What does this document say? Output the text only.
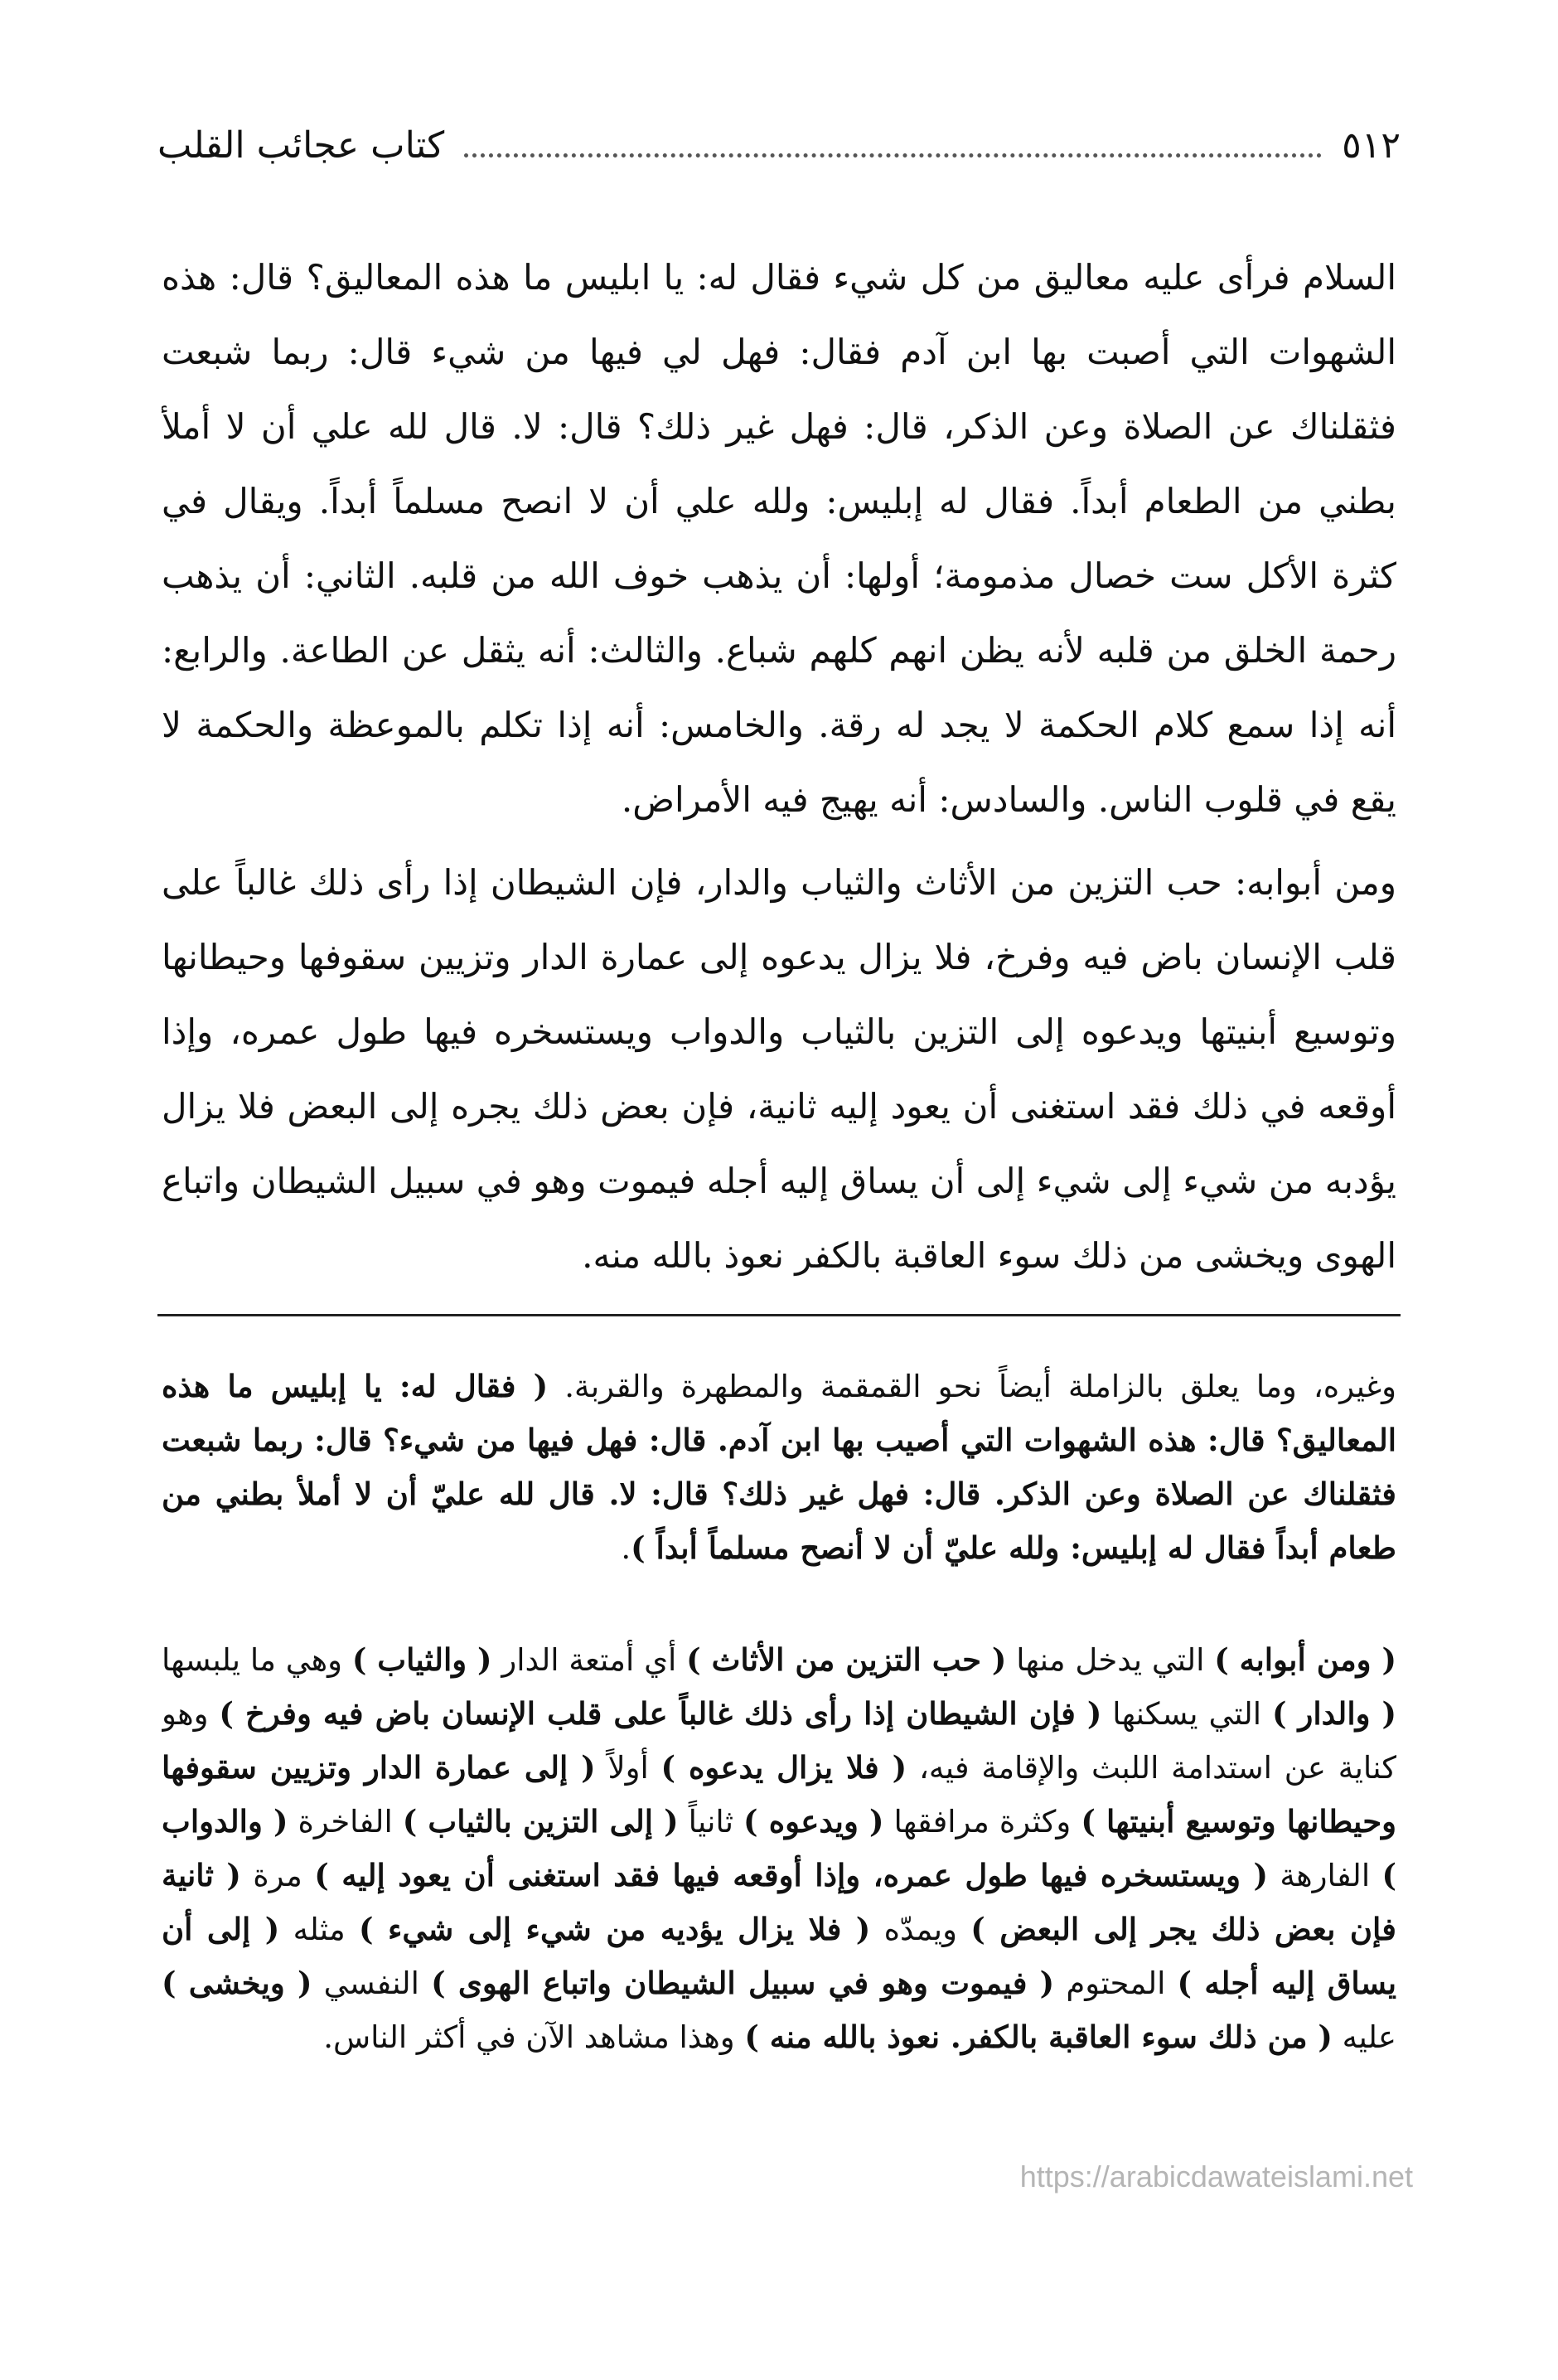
٥١٢
كتاب عجائب القلب

السلام فرأى عليه معاليق من كل شيء فقال له: يا ابليس ما هذه المعاليق؟ قال: هذه الشهوات التي أصبت بها ابن آدم فقال: فهل لي فيها من شيء قال: ربما شبعت فثقلناك عن الصلاة وعن الذكر، قال: فهل غير ذلك؟ قال: لا. قال لله علي أن لا أملأ بطني من الطعام أبداً. فقال له إبليس: ولله علي أن لا انصح مسلماً أبداً. ويقال في كثرة الأكل ست خصال مذمومة؛ أولها: أن يذهب خوف الله من قلبه. الثاني: أن يذهب رحمة الخلق من قلبه لأنه يظن انهم كلهم شباع. والثالث: أنه يثقل عن الطاعة. والرابع: أنه إذا سمع كلام الحكمة لا يجد له رقة. والخامس: أنه إذا تكلم بالموعظة والحكمة لا يقع في قلوب الناس. والسادس: أنه يهيج فيه الأمراض.

ومن أبوابه: حب التزين من الأثاث والثياب والدار، فإن الشيطان إذا رأى ذلك غالباً على قلب الإنسان باض فيه وفرخ، فلا يزال يدعوه إلى عمارة الدار وتزيين سقوفها وحيطانها وتوسيع أبنيتها ويدعوه إلى التزين بالثياب والدواب ويستسخره فيها طول عمره، وإذا أوقعه في ذلك فقد استغنى أن يعود إليه ثانية، فإن بعض ذلك يجره إلى البعض فلا يزال يؤدبه من شيء إلى شيء إلى أن يساق إليه أجله فيموت وهو في سبيل الشيطان واتباع الهوى ويخشى من ذلك سوء العاقبة بالكفر نعوذ بالله منه.

وغيره، وما يعلق بالزاملة أيضاً نحو القمقمة والمطهرة والقربة. ( فقال له: يا إبليس ما هذه المعاليق؟ قال: هذه الشهوات التي أصيب بها ابن آدم. قال: فهل فيها من شيء؟ قال: ربما شبعت فثقلناك عن الصلاة وعن الذكر. قال: فهل غير ذلك؟ قال: لا. قال لله عليّ أن لا أملأ بطني من طعام أبداً فقال له إبليس: ولله عليّ أن لا أنصح مسلماً أبداً ).

( ومن أبوابه ) التي يدخل منها ( حب التزين من الأثاث ) أي أمتعة الدار ( والثياب ) وهي ما يلبسها ( والدار ) التي يسكنها ( فإن الشيطان إذا رأى ذلك غالباً على قلب الإنسان باض فيه وفرخ ) وهو كناية عن استدامة اللبث والإقامة فيه، ( فلا يزال يدعوه ) أولاً ( إلى عمارة الدار وتزيين سقوفها وحيطانها وتوسيع أبنيتها ) وكثرة مرافقها ( ويدعوه ) ثانياً ( إلى التزين بالثياب ) الفاخرة ( والدواب ) الفارهة ( ويستسخره فيها طول عمره، وإذا أوقعه فيها فقد استغنى أن يعود إليه ) مرة ( ثانية فإن بعض ذلك يجر إلى البعض ) ويمدّه ( فلا يزال يؤديه من شيء إلى شيء ) مثله ( إلى أن يساق إليه أجله ) المحتوم ( فيموت وهو في سبيل الشيطان واتباع الهوى ) النفسي ( ويخشى ) عليه ( من ذلك سوء العاقبة بالكفر. نعوذ بالله منه ) وهذا مشاهد الآن في أكثر الناس.

https://arabicdawateislami.net
